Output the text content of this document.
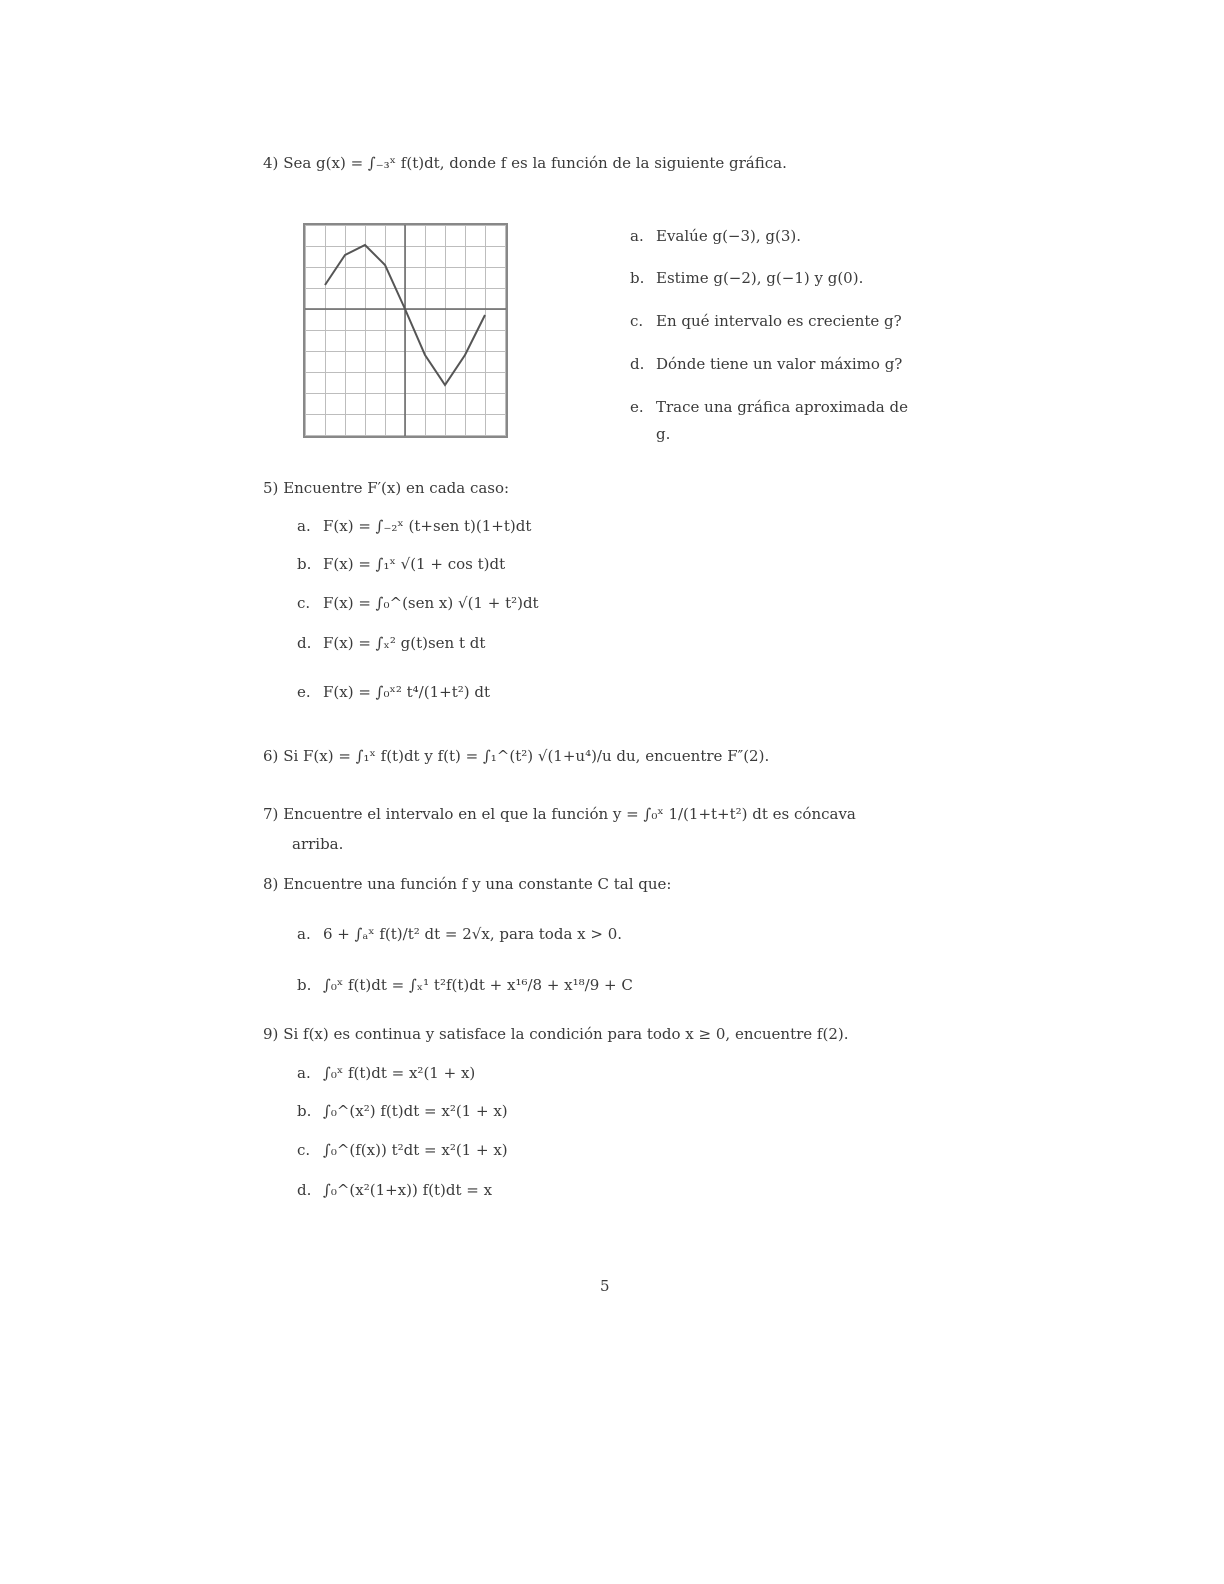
4) Sea g(x) = ∫₋₃ˣ f(t)dt, donde f es la función de la siguiente gráfica.
a. Evalúe g(−3), g(3).
b. Estime g(−2), g(−1) y g(0).
c. En qué intervalo es creciente g?
d. Dónde tiene un valor máximo g?
e. Trace una gráfica aproximada de
g.
5) Encuentre F′(x) en cada caso:
a. F(x) = ∫₋₂ˣ (t+sen t)(1+t)dt
b. F(x) = ∫₁ˣ √(1 + cos t)dt
c. F(x) = ∫₀^(sen x) √(1 + t²)dt
d. F(x) = ∫ₓ² g(t)sen t dt
e. F(x) = ∫₀ˣ² t⁴/(1+t²) dt
6) Si F(x) = ∫₁ˣ f(t)dt y f(t) = ∫₁^(t²) √(1+u⁴)/u du, encuentre F″(2).
7) Encuentre el intervalo en el que la función y = ∫₀ˣ 1/(1+t+t²) dt es cóncava
arriba.
8) Encuentre una función f y una constante C tal que:
a. 6 + ∫ₐˣ f(t)/t² dt = 2√x, para toda x > 0.
b. ∫₀ˣ f(t)dt = ∫ₓ¹ t²f(t)dt + x¹⁶/8 + x¹⁸/9 + C
9) Si f(x) es continua y satisface la condición para todo x ≥ 0, encuentre f(2).
a. ∫₀ˣ f(t)dt = x²(1 + x)
b. ∫₀^(x²) f(t)dt = x²(1 + x)
c. ∫₀^(f(x)) t²dt = x²(1 + x)
d. ∫₀^(x²(1+x)) f(t)dt = x
5
